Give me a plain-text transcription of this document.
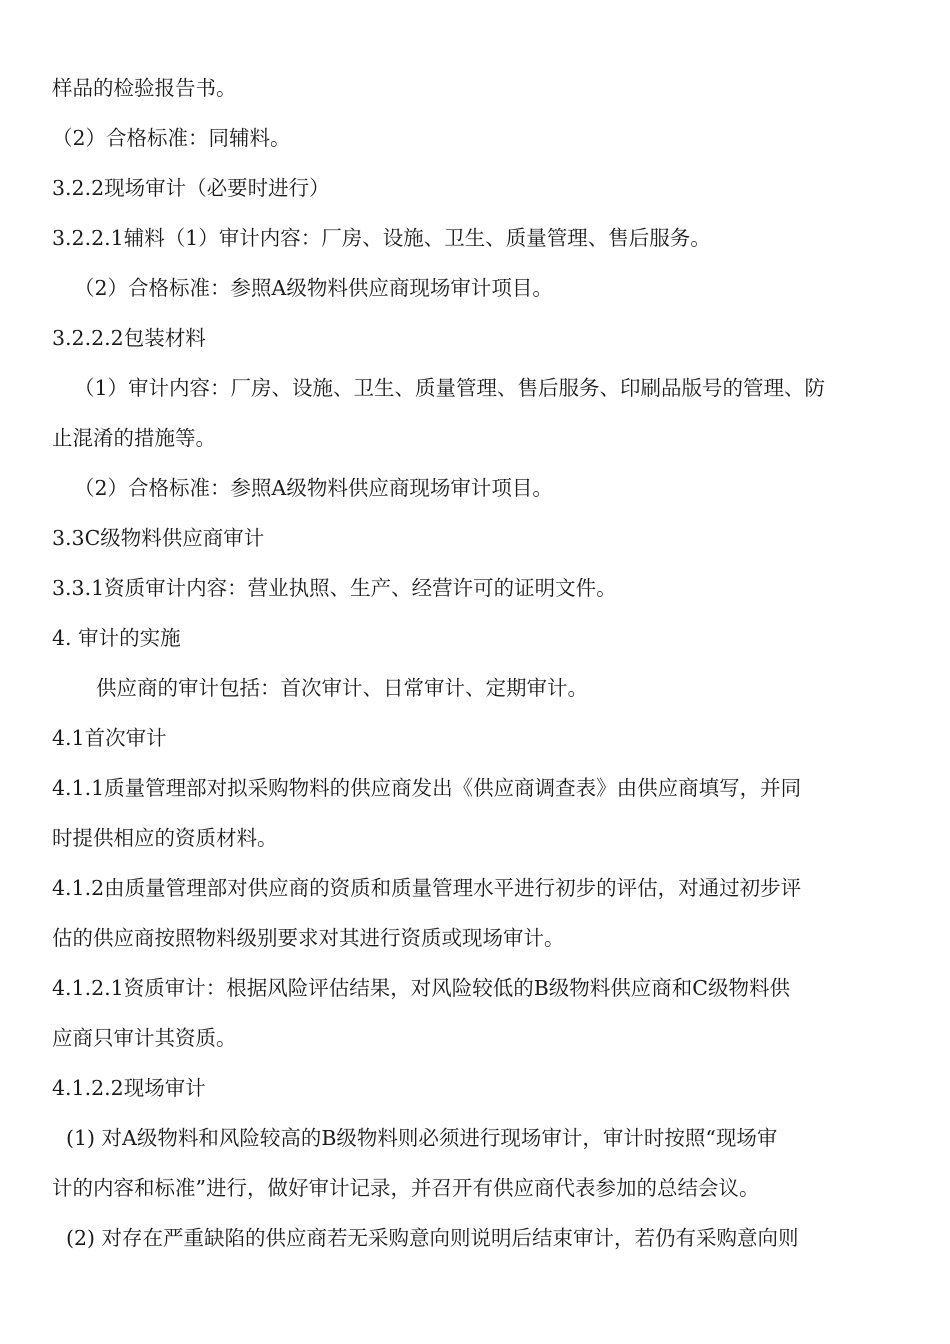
样品的检验报告书。
（2）合格标准：同辅料。
3.2.2现场审计（必要时进行）
3.2.2.1辅料（1）审计内容：厂房、设施、卫生、质量管理、售后服务。
（2）合格标准：参照A级物料供应商现场审计项目。
3.2.2.2包装材料
（1）审计内容：厂房、设施、卫生、质量管理、售后服务、印刷品版号的管理、防
止混淆的措施等。
（2）合格标准：参照A级物料供应商现场审计项目。
3.3C级物料供应商审计
3.3.1资质审计内容：营业执照、生产、经营许可的证明文件。
4. 审计的实施
供应商的审计包括：首次审计、日常审计、定期审计。
4.1首次审计
4.1.1质量管理部对拟采购物料的供应商发出《供应商调查表》由供应商填写，并同
时提供相应的资质材料。
4.1.2由质量管理部对供应商的资质和质量管理水平进行初步的评估，对通过初步评
估的供应商按照物料级别要求对其进行资质或现场审计。
4.1.2.1资质审计：根据风险评估结果，对风险较低的B级物料供应商和C级物料供
应商只审计其资质。
4.1.2.2现场审计
(1) 对A级物料和风险较高的B级物料则必须进行现场审计，审计时按照“现场审
计的内容和标准”进行，做好审计记录，并召开有供应商代表参加的总结会议。
(2) 对存在严重缺陷的供应商若无采购意向则说明后结束审计，若仍有采购意向则
